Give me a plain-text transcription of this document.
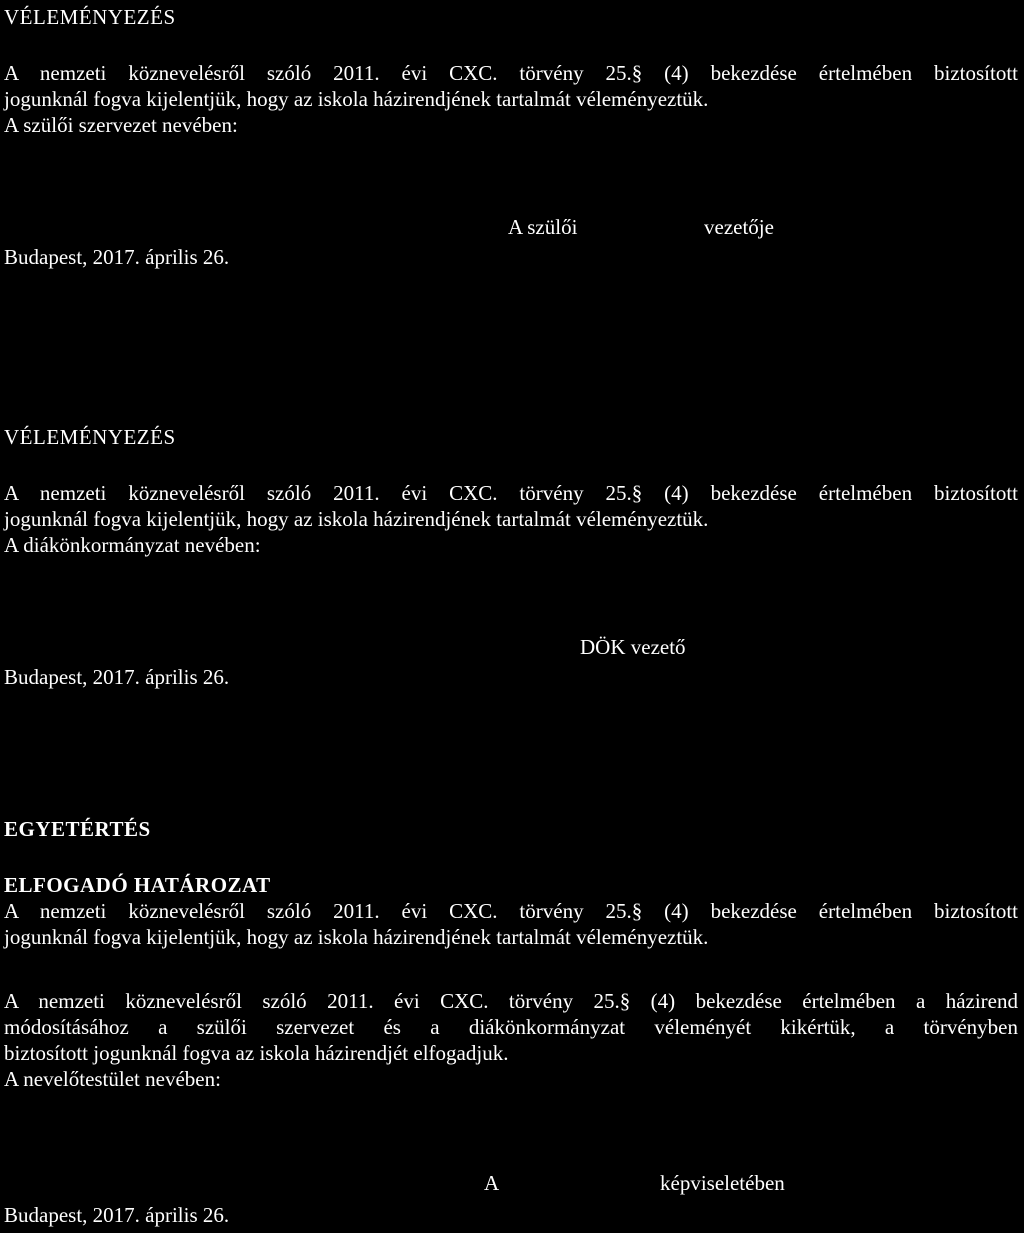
VÉLEMÉNYEZÉS
A nemzeti köznevelésről szóló 2011. évi CXC. törvény 25.§ (4) bekezdése értelmében biztosított
jogunknál fogva kijelentjük, hogy az iskola házirendjének tartalmát véleményeztük.
A szülői szervezet nevében:
A szülői	vezetője
Budapest, 2017. április 26.
VÉLEMÉNYEZÉS
A nemzeti köznevelésről szóló 2011. évi CXC. törvény 25.§ (4) bekezdése értelmében biztosított
jogunknál fogva kijelentjük, hogy az iskola házirendjének tartalmát véleményeztük.
A diákönkormányzat nevében:
DÖK vezető
Budapest, 2017. április 26.
EGYETÉRTÉS
ELFOGADÓ HATÁROZAT
A nemzeti köznevelésről szóló 2011. évi CXC. törvény 25.§ (4) bekezdése értelmében biztosított
jogunknál fogva kijelentjük, hogy az iskola házirendjének tartalmát véleményeztük.
A nemzeti köznevelésről szóló 2011. évi CXC. törvény 25.§ (4) bekezdése értelmében a házirend
módosításához a szülői szervezet és a diákönkormányzat véleményét kikértük, a törvényben
biztosított jogunknál fogva az iskola házirendjét elfogadjuk.
A nevelőtestület nevében:
A	képviseletében
Budapest, 2017. április 26.
